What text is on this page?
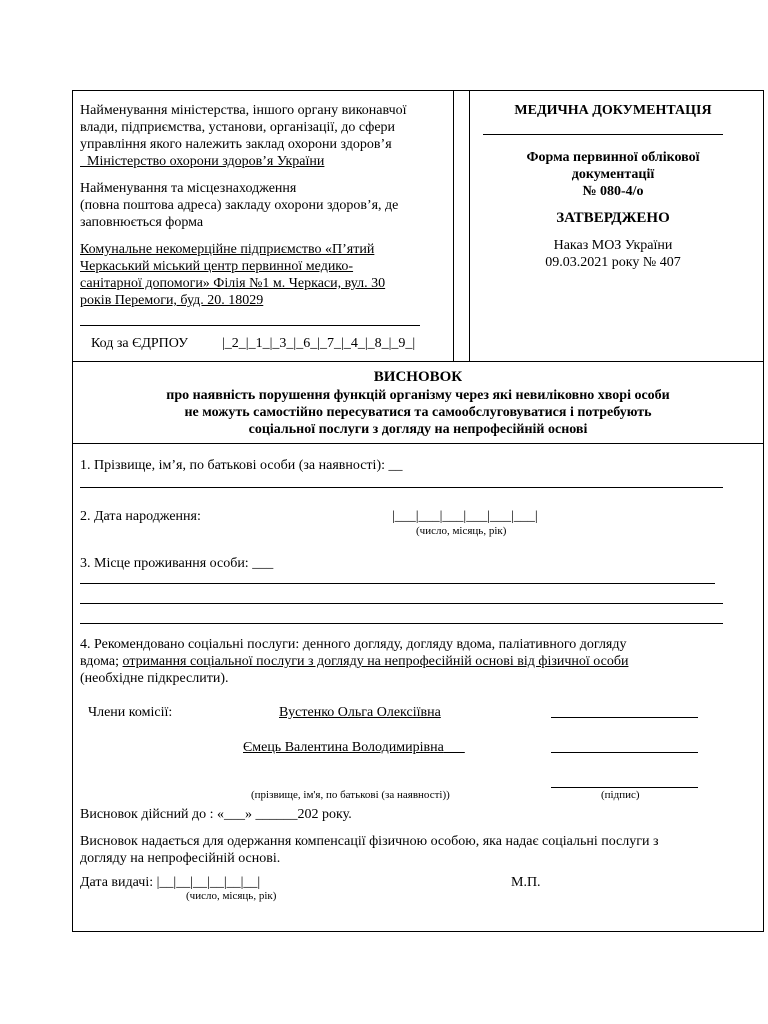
Найменування міністерства, іншого органу виконавчої
влади, підприємства, установи, організації, до сфери
управління якого належить заклад охорони здоров’я
Міністерство охорони здоров’я України
Найменування та місцезнаходження
(повна поштова адреса) закладу охорони здоров’я, де
заповнюється форма
Комунальне некомерційне підприємство «П’ятий
Черкаський міський центр первинної медико-
санітарної допомоги» Філія №1 м. Черкаси, вул. 30
років Перемоги, буд. 20. 18029
Код за ЄДРПОУ |_2_|_1_|_3_|_6_|_7_|_4_|_8_|_9_|
МЕДИЧНА ДОКУМЕНТАЦІЯ
Форма первинної облікової
документації
№ 080-4/о
ЗАТВЕРДЖЕНО
Наказ МОЗ України
09.03.2021 року № 407
ВИСНОВОК
про наявність порушення функцій організму через які невиліковно хворі особи
не можуть самостійно пересуватися та самообслуговуватися і потребують
соціальної послуги з догляду на непрофесійній основі
1. Прізвище, ім’я, по батькові особи (за наявності): __
2. Дата народження:	|___|___|___|___|___|___|
(число, місяць, рік)
3. Місце проживання особи: ___
4. Рекомендовано соціальні послуги: денного догляду, догляду вдома, паліативного догляду
вдома; отримання соціальної послуги з догляду на непрофесійній основі від фізичної особи
(необхідне підкреслити).
Члени комісії:	Вустенко Ольга Олексіївна
Ємець Валентина Володимирівна
(прізвище, ім'я, по батькові (за наявності))	(підпис)
Висновок дійсний до : «___» ______202 року.
Висновок надається для одержання компенсації фізичною особою, яка надає соціальні послуги з
догляду на непрофесійній основі.
Дата видачі: |__|__|__|__|__|__|
(число, місяць, рік)
М.П.
